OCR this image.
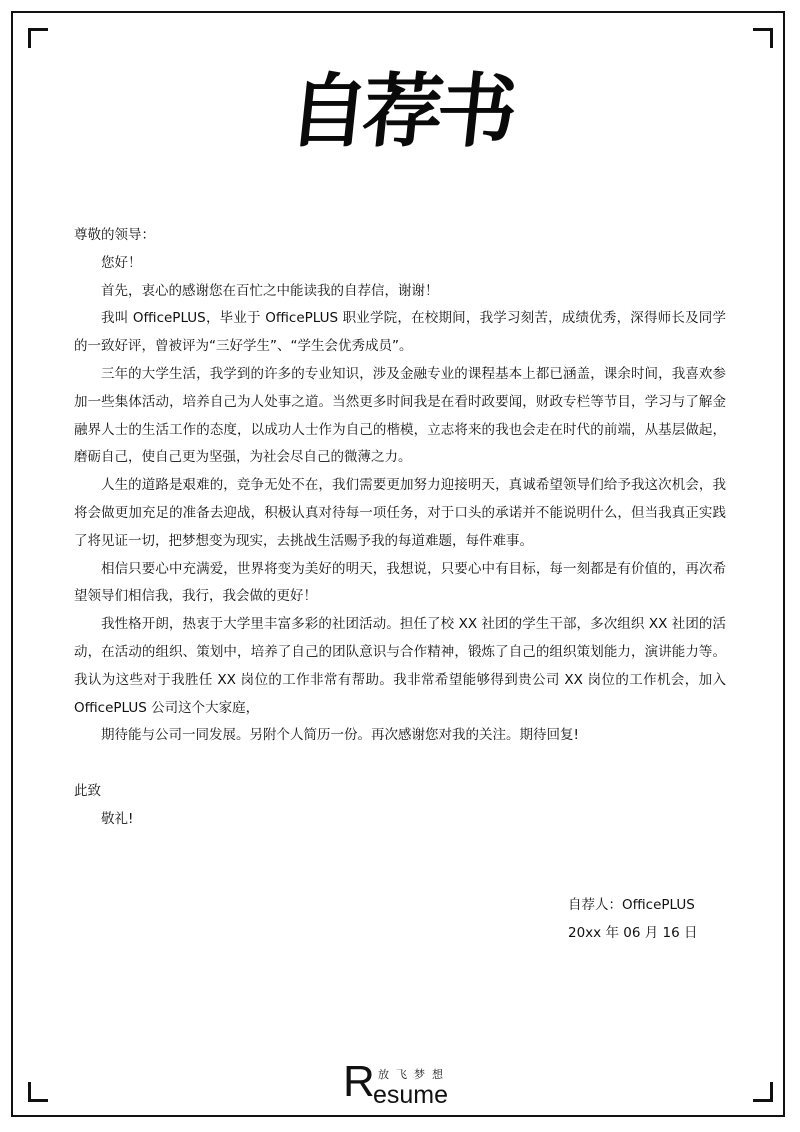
自荐书

尊敬的领导：

您好！

首先，衷心的感谢您在百忙之中能读我的自荐信，谢谢！

我叫 OfficePLUS，毕业于 OfficePLUS 职业学院，在校期间，我学习刻苦，成绩优秀，深得师长及同学的一致好评，曾被评为“三好学生”、“学生会优秀成员”。

三年的大学生活，我学到的许多的专业知识，涉及金融专业的课程基本上都已涵盖，课余时间，我喜欢参加一些集体活动，培养自己为人处事之道。当然更多时间我是在看时政要闻，财政专栏等节目，学习与了解金融界人士的生活工作的态度，以成功人士作为自己的楷模，立志将来的我也会走在时代的前端，从基层做起，磨砺自己，使自己更为坚强，为社会尽自己的微薄之力。

人生的道路是艰难的，竞争无处不在，我们需要更加努力迎接明天，真诚希望领导们给予我这次机会，我将会做更加充足的准备去迎战，积极认真对待每一项任务，对于口头的承诺并不能说明什么，但当我真正实践了将见证一切，把梦想变为现实，去挑战生活赐予我的每道难题，每件难事。

相信只要心中充满爱，世界将变为美好的明天，我想说，只要心中有目标，每一刻都是有价值的，再次希望领导们相信我，我行，我会做的更好！

我性格开朗，热衷于大学里丰富多彩的社团活动。担任了校 XX 社团的学生干部，多次组织 XX 社团的活动，在活动的组织、策划中，培养了自己的团队意识与合作精神，锻炼了自己的组织策划能力，演讲能力等。我认为这些对于我胜任 XX 岗位的工作非常有帮助。我非常希望能够得到贵公司 XX 岗位的工作机会，加入 OfficePLUS 公司这个大家庭，

期待能与公司一同发展。另附个人简历一份。再次感谢您对我的关注。期待回复!

此致

敬礼!

自荐人：OfficePLUS
20xx 年 06 月 16 日
R 放飞梦想
esume
